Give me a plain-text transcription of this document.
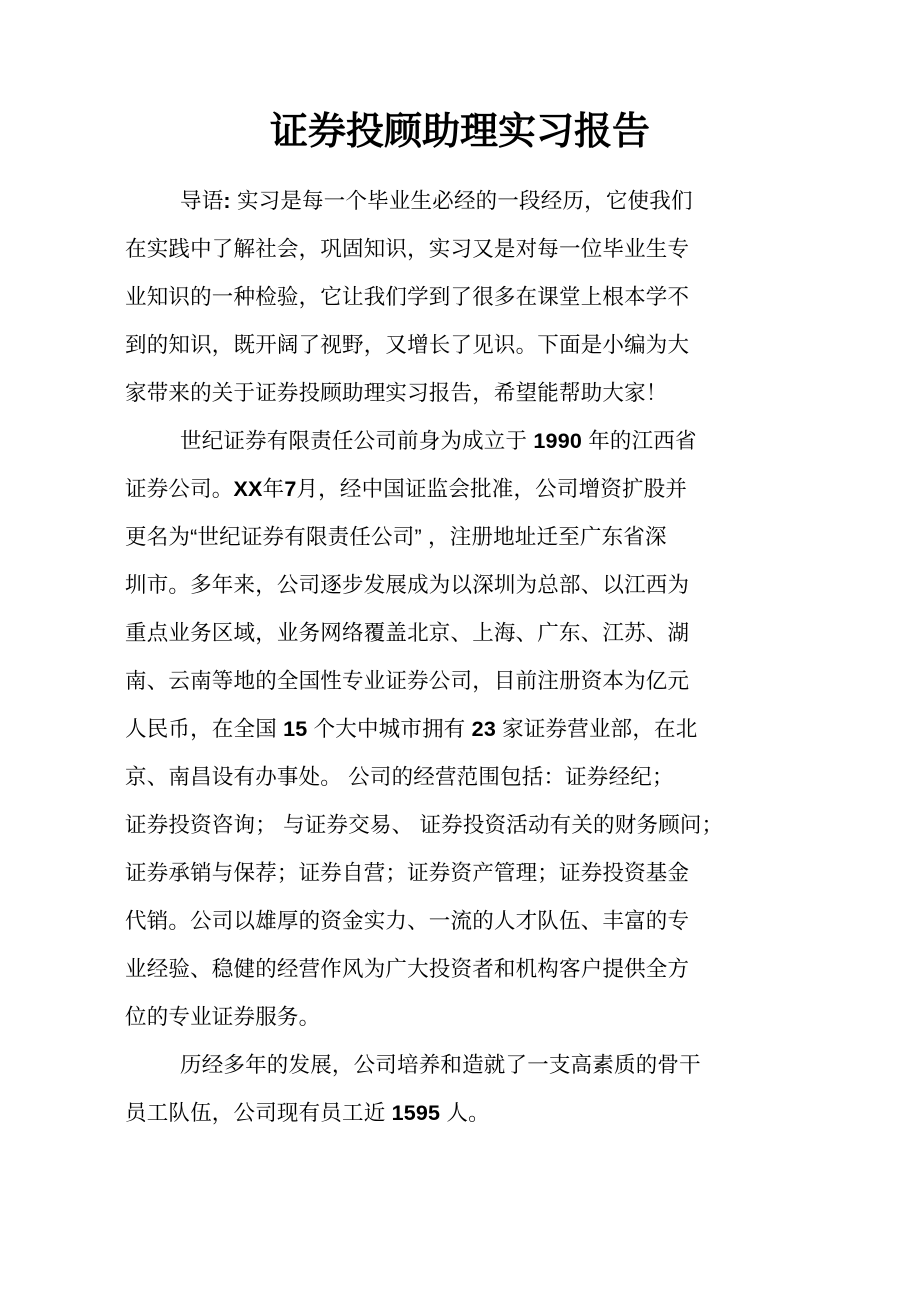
证券投顾助理实习报告
导语: 实习是每一个毕业生必经的一段经历，它使我们
在实践中了解社会，巩固知识，实习又是对每一位毕业生专
业知识的一种检验，它让我们学到了很多在课堂上根本学不
到的知识，既开阔了视野，又增长了见识。下面是小编为大
家带来的关于证券投顾助理实习报告，希望能帮助大家！
世纪证券有限责任公司前身为成立于 1990 年的江西省
证券公司。XX年7月，经中国证监会批准，公司增资扩股并
更名为“世纪证券有限责任公司” ，注册地址迁至广东省深
圳市。多年来，公司逐步发展成为以深圳为总部、以江西为
重点业务区域，业务网络覆盖北京、上海、广东、江苏、湖
南、云南等地的全国性专业证券公司，目前注册资本为亿元
人民币，在全国 15 个大中城市拥有 23 家证券营业部，在北
京、南昌设有办事处。 公司的经营范围包括：证券经纪；
证券投资咨询； 与证券交易、 证券投资活动有关的财务顾问；
证券承销与保荐；证券自营；证券资产管理；证券投资基金
代销。公司以雄厚的资金实力、一流的人才队伍、丰富的专
业经验、稳健的经营作风为广大投资者和机构客户提供全方
位的专业证券服务。
历经多年的发展，公司培养和造就了一支高素质的骨干
员工队伍，公司现有员工近 1595 人。
